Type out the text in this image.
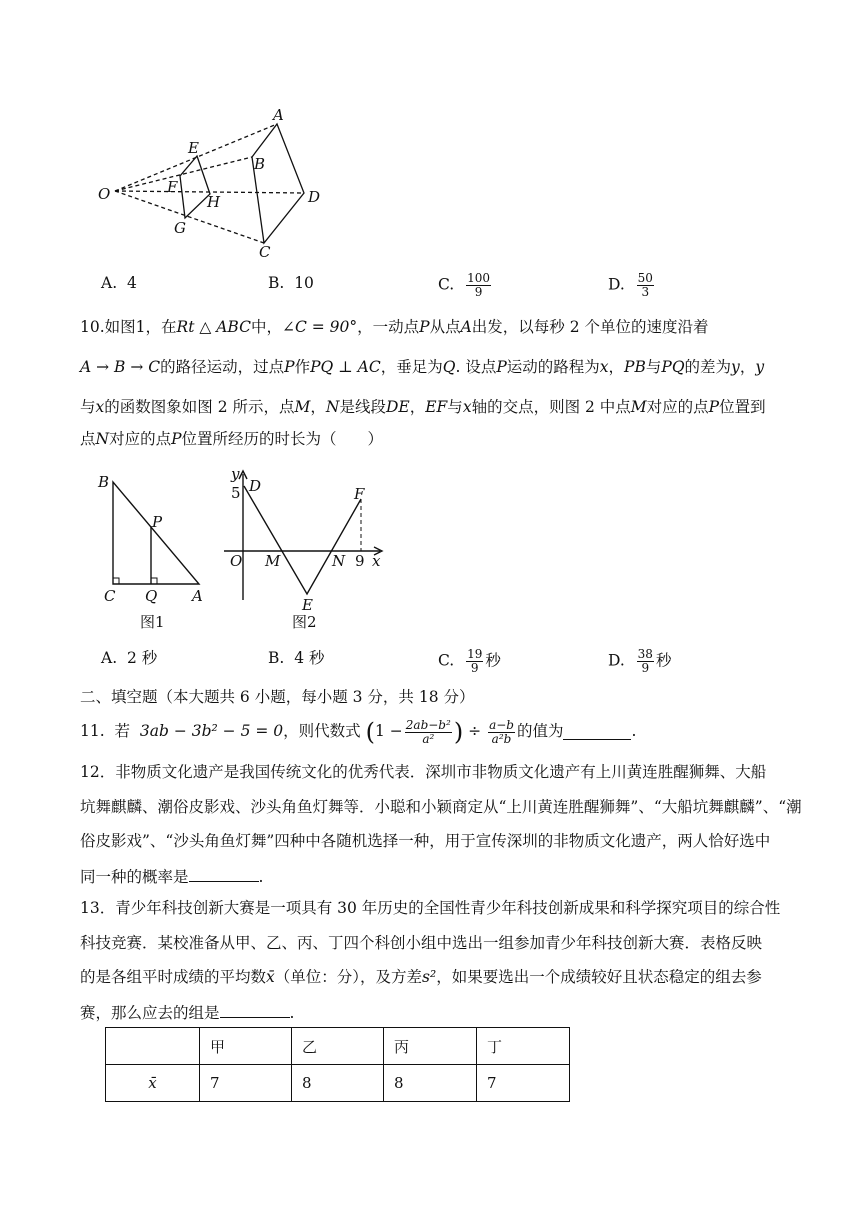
A
B
C
D
E
F
G
H
O
A. 4	B. 10	C. $\frac{100}{9}$	D. $\frac{50}{3}$
10.如图1，在Rt △ ABC中，∠C = 90°，一动点P从点A出发，以每秒 2 个单位的速度沿着
A → B → C的路径运动，过点P作PQ ⊥ AC，垂足为Q. 设点P运动的路程为x，PB与PQ的差为y，y
与x的函数图象如图 2 所示，点M，N是线段DE，EF与x轴的交点，则图 2 中点M对应的点P位置到
点N对应的点P位置所经历的时长为（　　）
B
P
C Q A
图1
y
5 D	F
O M	N 9 x
E
图2
A. 2 秒	B. 4 秒	C. $\frac{19}{9}$ 秒	D. $\frac{38}{9}$ 秒
二、填空题（本大题共 6 小题，每小题 3 分，共 18 分）
11.
若
3ab − 3b² − 5 = 0 ，则代数式
( $1 - \frac{\text{2ab−b²}}{\text{a²}}$ )
÷
$\frac{a-b}{\text{a²b}}$ 的值为	.
12．非物质文化遗产是我国传统文化的优秀代表．深圳市非物质文化遗产有上川黄连胜醒狮舞、大船
坑舞麒麟、潮俗皮影戏、沙头角鱼灯舞等．小聪和小颖商定从“上川黄连胜醒狮舞”、“大船坑舞麒麟”、“潮
俗皮影戏”、“沙头角鱼灯舞”四种中各随机选择一种，用于宣传深圳的非物质文化遗产，两人恰好选中
同一种的概率是	.
13．青少年科技创新大赛是一项具有 30 年历史的全国性青少年科技创新成果和科学探究项目的综合性
科技竞赛．某校准备从甲、乙、丙、丁四个科创小组中选出一组参加青少年科技创新大赛．表格反映
的是各组平时成绩的平均数x̄（单位：分），及方差s²，如果要选出一个成绩较好且状态稳定的组去参
赛，那么应去的组是	.
	甲	乙	丙	丁
x̄	7	8	8	7
